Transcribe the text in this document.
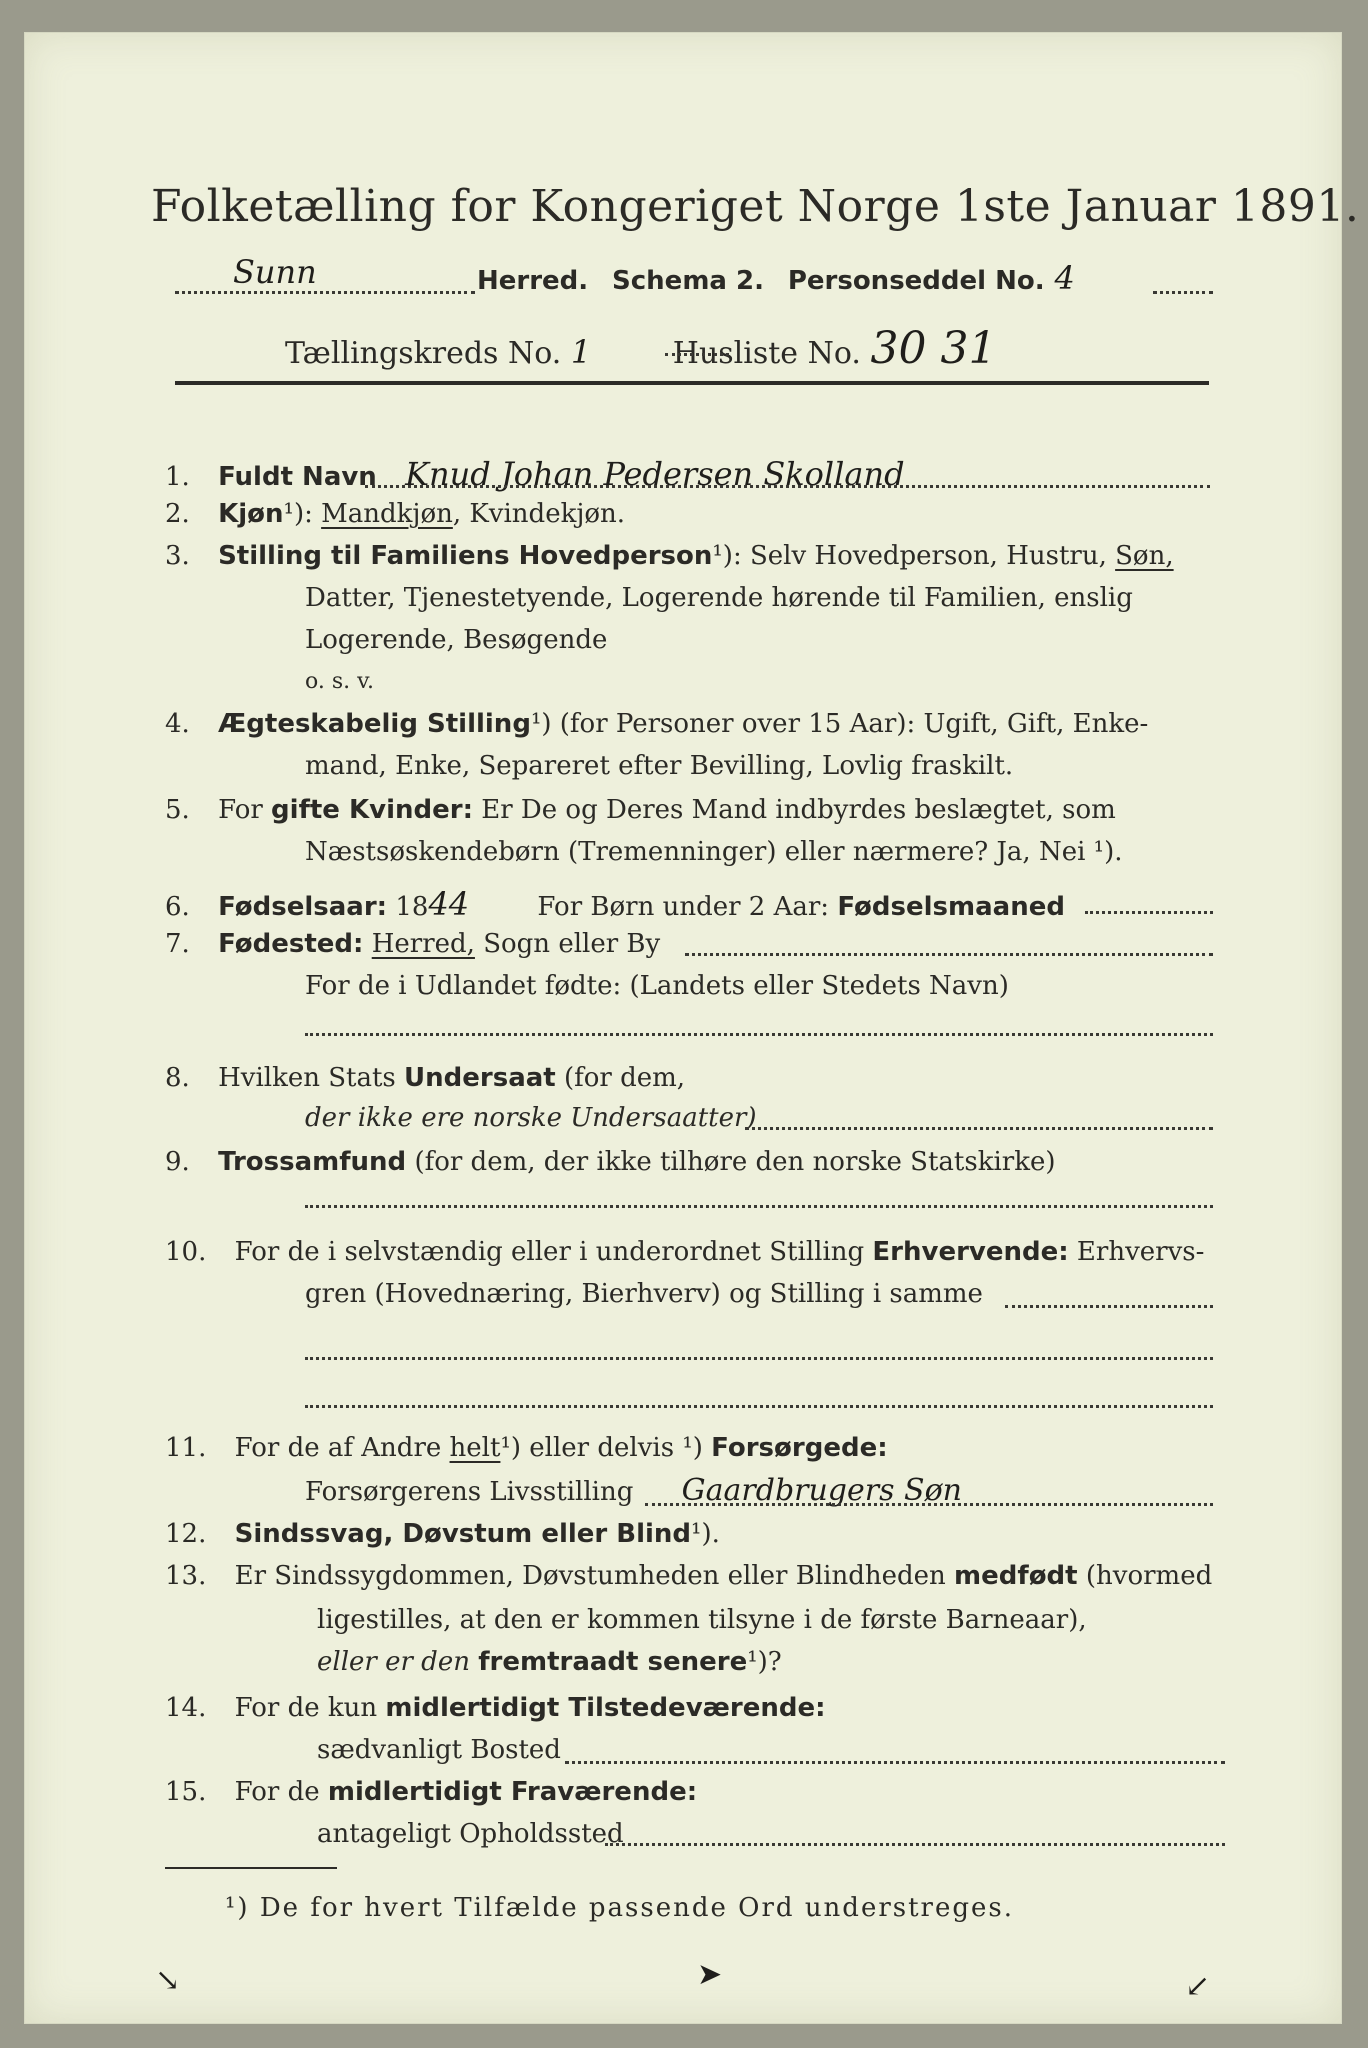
Folketælling for Kongeriget Norge 1ste Januar 1891.
Sunn	Herred. Schema 2. Personseddel No. 4
Tællingskreds No. 1	Husliste No. 30 31
1. Fuldt Navn Knud Johan Pedersen Skolland
2. Kjøn¹): Mandkjøn, Kvindekjøn.
3. Stilling til Familiens Hovedperson¹): Selv Hovedperson, Hustru, Søn,
Datter, Tjenestetyende, Logerende hørende til Familien, enslig
Logerende, Besøgende
o. s. v.
4. Ægteskabelig Stilling¹) (for Personer over 15 Aar): Ugift, Gift, Enke-
mand, Enke, Separeret efter Bevilling, Lovlig fraskilt.
5. For gifte Kvinder: Er De og Deres Mand indbyrdes beslægtet, som
Næstsøskendebørn (Tremenninger) eller nærmere? Ja, Nei ¹).
6. Fødselsaar: 1844	For Børn under 2 Aar: Fødselsmaaned
7. Fødested: Herred, Sogn eller By
For de i Udlandet fødte: (Landets eller Stedets Navn)
8. Hvilken Stats Undersaat (for dem,
der ikke ere norske Undersaatter)
9. Trossamfund (for dem, der ikke tilhøre den norske Statskirke)
10. For de i selvstændig eller i underordnet Stilling Erhvervende: Erhvervs-
gren (Hovednæring, Bierhverv) og Stilling i samme
11. For de af Andre helt¹) eller delvis ¹) Forsørgede:
Forsørgerens Livsstilling Gaardbrugers Søn
12. Sindssvag, Døvstum eller Blind¹).
13. Er Sindssygdommen, Døvstumheden eller Blindheden medfødt (hvormed
ligestilles, at den er kommen tilsyne i de første Barneaar),
eller er den fremtraadt senere¹)?
14. For de kun midlertidigt Tilstedeværende:
sædvanligt Bosted
15. For de midlertidigt Fraværende:
antageligt Opholdssted
¹) De for hvert Tilfælde passende Ord understreges.
↘	➤	↙
